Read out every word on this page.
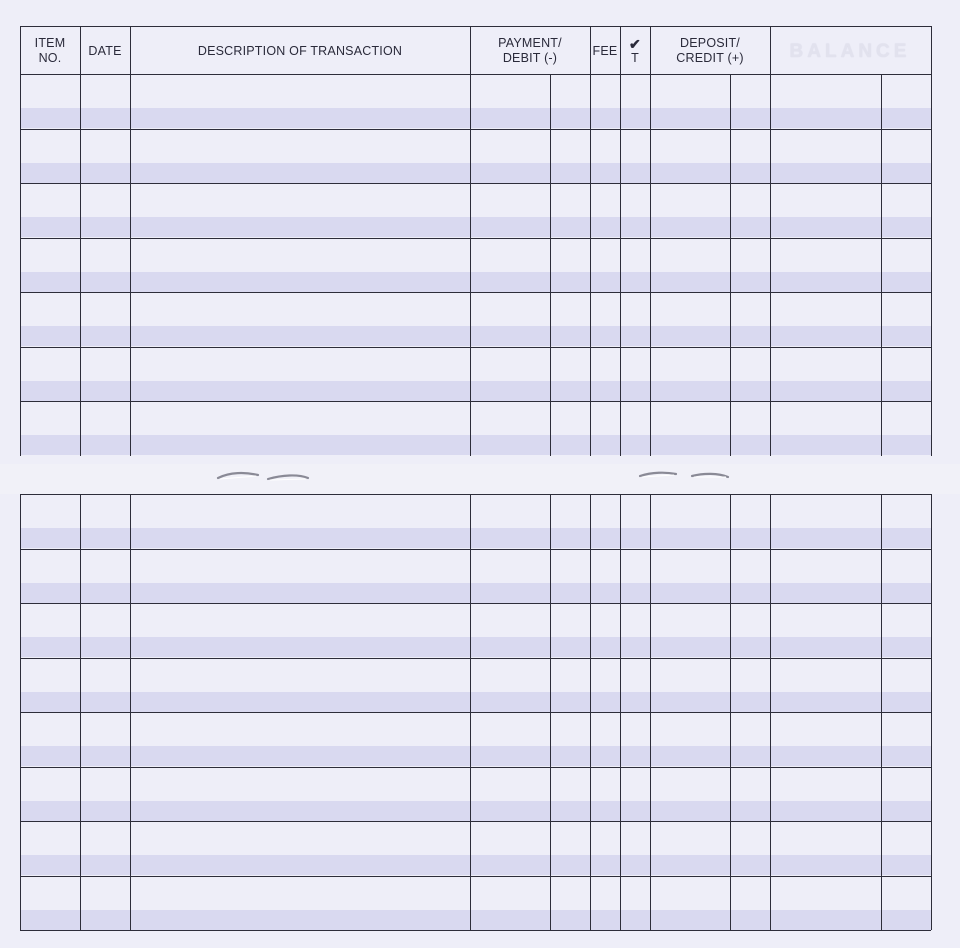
ITEM
NO.
DATE	DESCRIPTION OF TRANSACTION
PAYMENT/
DEBIT (-)
FEE ✔
T
DEPOSIT/
CREDIT (+) BALANCE
